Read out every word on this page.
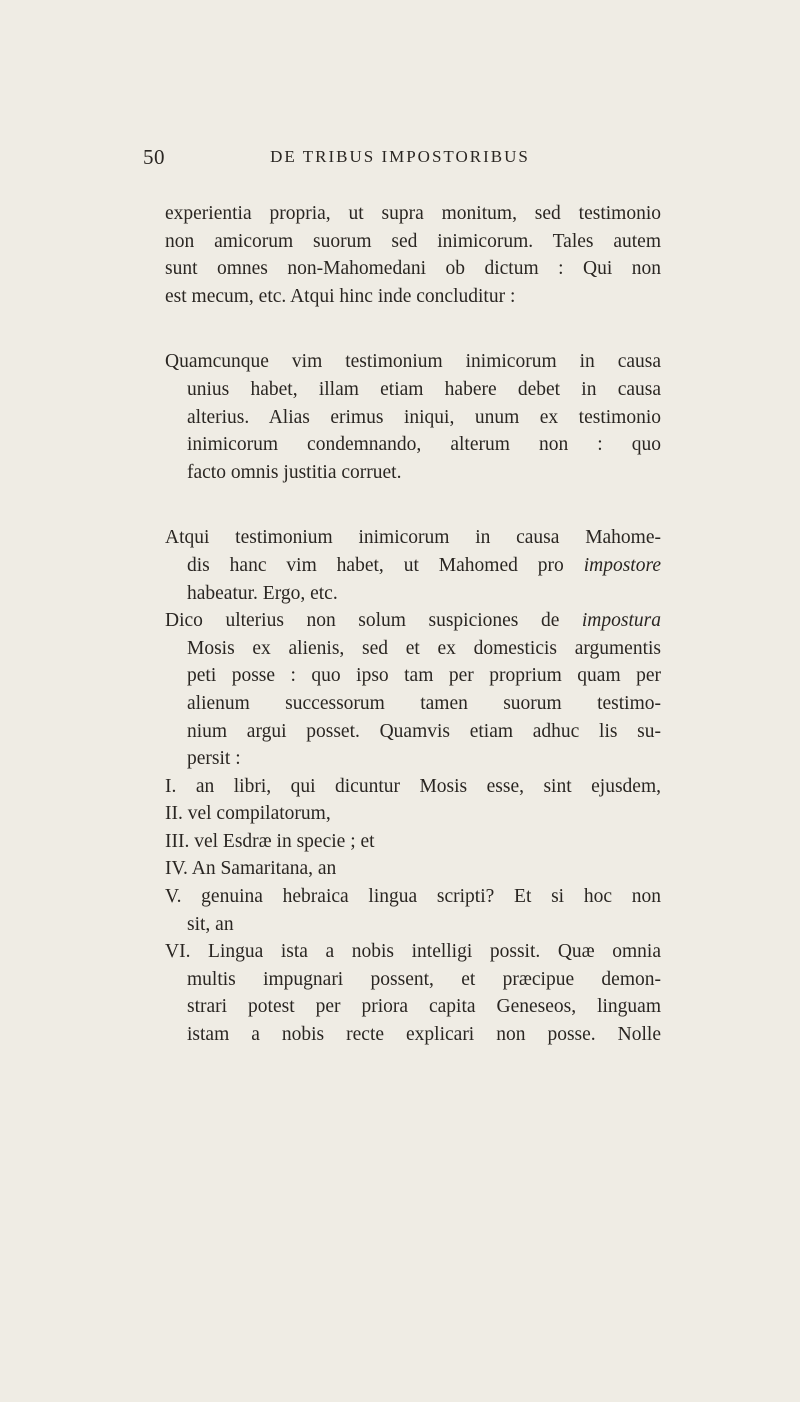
50	DE TRIBUS IMPOSTORIBUS
experientia propria, ut supra monitum, sed testimonio
non amicorum suorum sed inimicorum. Tales autem
sunt omnes non-Mahomedani ob dictum : Qui non
est mecum, etc. Atqui hinc inde concluditur :
Quamcunque vim testimonium inimicorum in causa
unius habet, illam etiam habere debet in causa
alterius. Alias erimus iniqui, unum ex testimonio
inimicorum condemnando, alterum non : quo
facto omnis justitia corruet.
Atqui testimonium inimicorum in causa Mahome-
dis hanc vim habet, ut Mahomed pro impostore
habeatur. Ergo, etc.
Dico ulterius non solum suspiciones de impostura
Mosis ex alienis, sed et ex domesticis argumentis
peti posse : quo ipso tam per proprium quam per
alienum successorum tamen suorum testimo-
nium argui posset. Quamvis etiam adhuc lis su-
persit :
I. an libri, qui dicuntur Mosis esse, sint ejusdem,
II. vel compilatorum,
III. vel Esdræ in specie ; et
IV. An Samaritana, an
V. genuina hebraica lingua scripti? Et si hoc non
sit, an
VI. Lingua ista a nobis intelligi possit. Quæ omnia
multis impugnari possent, et præcipue demon-
strari potest per priora capita Geneseos, linguam
istam a nobis recte explicari non posse. Nolle
